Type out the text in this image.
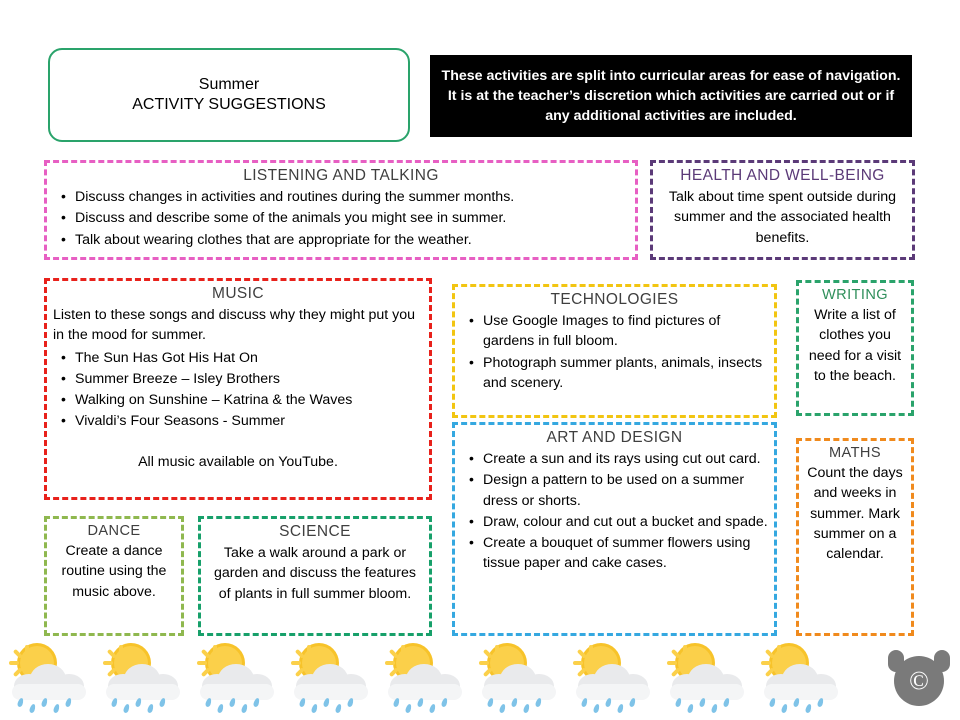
Summer
ACTIVITY SUGGESTIONS
These activities are split into curricular areas for ease of navigation. It is at the teacher’s discretion which activities are carried out or if any additional activities are included.
LISTENING AND TALKING
• Discuss changes in activities and routines during the summer months.
• Discuss and describe some of the animals you might see in summer.
• Talk about wearing clothes that are appropriate for the weather.
HEALTH AND WELL-BEING

Talk about time spent outside during summer and the associated health benefits.

MUSIC

Listen to these songs and discuss why they might put you in the mood for summer.

• The Sun Has Got His Hat On
• Summer Breeze – Isley Brothers
• Walking on Sunshine – Katrina & the Waves
• Vivaldi’s Four Seasons - Summer

All music available on YouTube.

TECHNOLOGIES
• Use Google Images to find pictures of gardens in full bloom.
• Photograph summer plants, animals, insects and scenery.
WRITING

Write a list of clothes you need for a visit to the beach.

ART AND DESIGN
• Create a sun and its rays using cut out card.
• Design a pattern to be used on a summer dress or shorts.
• Draw, colour and cut out a bucket and spade.
• Create a bouquet of summer flowers using tissue paper and cake cases.
MATHS

Count the days and weeks in summer. Mark summer on a calendar.

DANCE

Create a dance routine using the music above.

SCIENCE

Take a walk around a park or garden and discuss the features of plants in full summer bloom.

©
